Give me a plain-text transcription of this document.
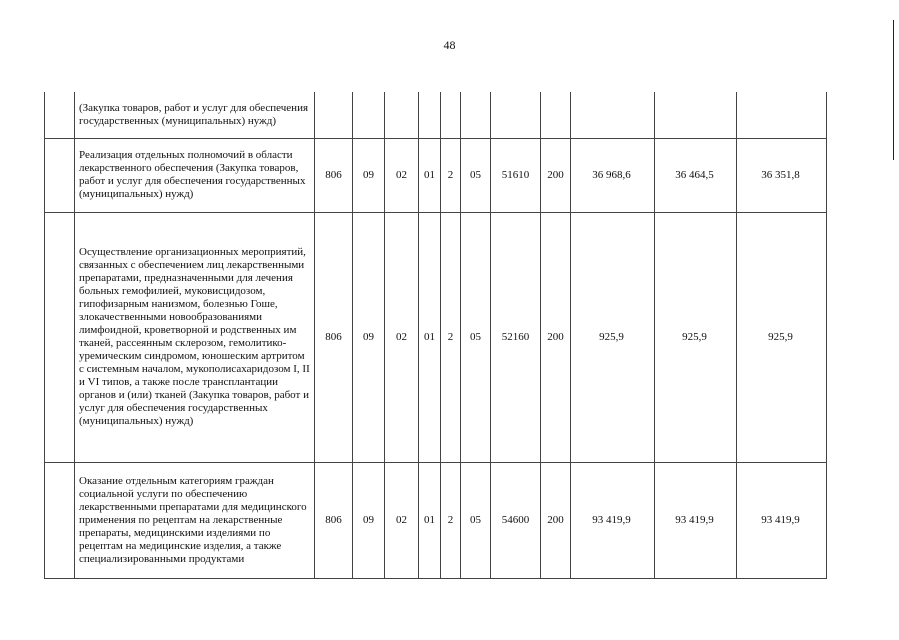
48
	(Закупка товаров, работ и услуг для обеспечения государственных (муниципальных) нужд)											
	Реализация отдельных полномочий в области лекарственного обеспечения (Закупка товаров, работ и услуг для обеспечения государственных (муниципальных) нужд)	806	09	02	01	2	05	51610	200	36 968,6	36 464,5	36 351,8
	Осуществление организационных мероприятий, связанных с обеспечением лиц лекарственными препаратами, предназначенными для лечения больных гемофилией, муковисцидозом, гипофизарным нанизмом, болезнью Гоше, злокачественными новообразованиями лимфоидной, кроветворной и родственных им тканей, рассеянным склерозом, гемолитико-уремическим синдромом, юношеским артритом с системным началом, мукополисахаридозом I, II и VI типов, а также после трансплантации органов и (или) тканей (Закупка товаров, работ и услуг для обеспечения государственных (муниципальных) нужд)	806	09	02	01	2	05	52160	200	925,9	925,9	925,9
	Оказание отдельным категориям граждан социальной услуги по обеспечению лекарственными препаратами для медицинского применения по рецептам на лекарственные препараты, медицинскими изделиями по рецептам на медицинские изделия, а также специализированными продуктами	806	09	02	01	2	05	54600	200	93 419,9	93 419,9	93 419,9
